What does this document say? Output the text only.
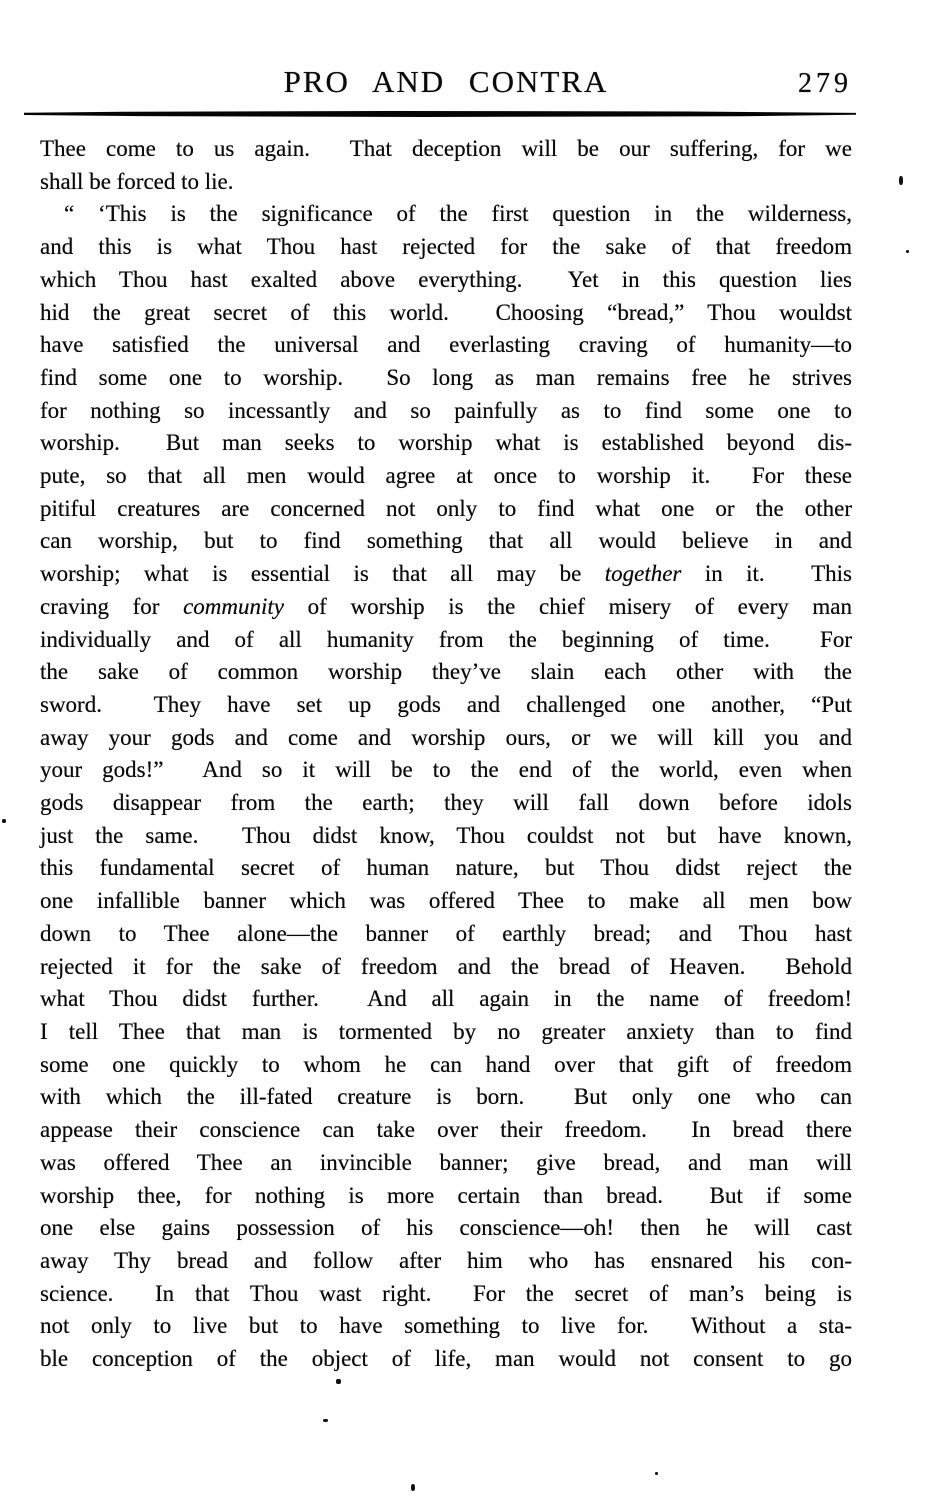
PRO AND CONTRA	279
Thee come to us again.  That deception will be our suffering, for we
shall be forced to lie.
“ ‘This is the significance of the first question in the wilderness,
and this is what Thou hast rejected for the sake of that freedom
which Thou hast exalted above everything.  Yet in this question lies
hid the great secret of this world.  Choosing “bread,” Thou wouldst
have satisfied the universal and everlasting craving of humanity—to
find some one to worship.  So long as man remains free he strives
for nothing so incessantly and so painfully as to find some one to
worship.  But man seeks to worship what is established beyond dis-
pute, so that all men would agree at once to worship it.  For these
pitiful creatures are concerned not only to find what one or the other
can worship, but to find something that all would believe in and
worship; what is essential is that all may be together in it.  This
craving for community of worship is the chief misery of every man
individually and of all humanity from the beginning of time.  For
the sake of common worship they’ve slain each other with the
sword.  They have set up gods and challenged one another, “Put
away your gods and come and worship ours, or we will kill you and
your gods!”  And so it will be to the end of the world, even when
gods disappear from the earth; they will fall down before idols
just the same.  Thou didst know, Thou couldst not but have known,
this fundamental secret of human nature, but Thou didst reject the
one infallible banner which was offered Thee to make all men bow
down to Thee alone—the banner of earthly bread; and Thou hast
rejected it for the sake of freedom and the bread of Heaven.  Behold
what Thou didst further.  And all again in the name of freedom!
I tell Thee that man is tormented by no greater anxiety than to find
some one quickly to whom he can hand over that gift of freedom
with which the ill-fated creature is born.  But only one who can
appease their conscience can take over their freedom.  In bread there
was offered Thee an invincible banner; give bread, and man will
worship thee, for nothing is more certain than bread.  But if some
one else gains possession of his conscience—oh! then he will cast
away Thy bread and follow after him who has ensnared his con-
science.  In that Thou wast right.  For the secret of man’s being is
not only to live but to have something to live for.  Without a sta-
ble conception of the object of life, man would not consent to go
